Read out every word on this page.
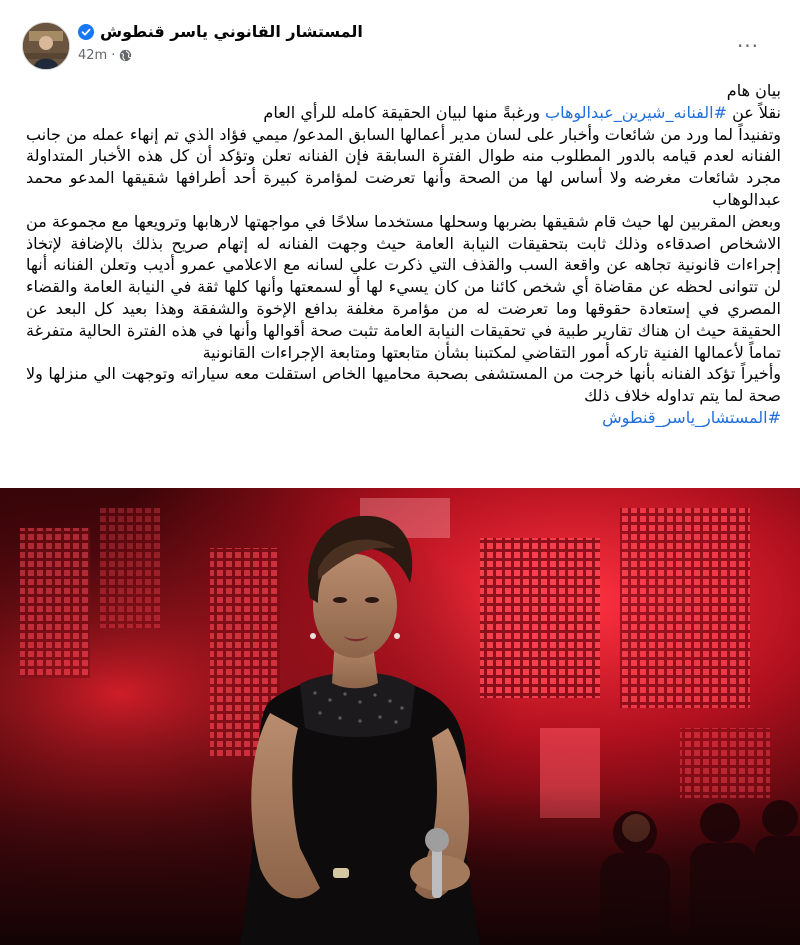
المستشار القانوني ياسر قنطوش
42m ·	···

بيان هام

نقلاً عن #الفنانه_شيرين_عبدالوهاب ورغبةً منها لبيان الحقيقة كامله للرأي العام

وتفنيداً لما ورد من شائعات وأخبار على لسان مدير أعمالها السابق المدعو/ ميمي فؤاد الذي تم إنهاء عمله من جانب الفنانه لعدم قيامه بالدور المطلوب منه طوال الفترة السابقة فإن الفنانه تعلن وتؤكد أن كل هذه الأخبار المتداولة مجرد شائعات مغرضه ولا أساس لها من الصحة وأنها تعرضت لمؤامرة كبيرة أحد أطرافها شقيقها المدعو محمد عبدالوهاب

وبعض المقربين لها حيث قام شقيقها بضربها وسحلها مستخدما سلاحًا في مواجهتها لارهابها وترويعها مع مجموعة من الاشخاص اصدقاءه وذلك ثابت بتحقيقات النيابة العامة حيث وجهت الفنانه له إتهام صريح بذلك بالإضافة لإتخاذ إجراءات قانونية تجاهه عن واقعة السب والقذف التي ذكرت علي لسانه مع الاعلامي عمرو أديب وتعلن الفنانه أنها لن تتوانى لحظه عن مقاضاة أي شخص كائنا من كان يسيء لها أو لسمعتها وأنها كلها ثقة في النيابة العامة والقضاء المصري في إستعادة حقوقها وما تعرضت له من مؤامرة مغلفة بدافع الإخوة والشفقة وهذا بعيد كل البعد عن الحقيقة حيث ان هناك تقارير طبية في تحقيقات النيابة العامة تثبت صحة أقوالها وأنها في هذه الفترة الحالية متفرغة تماماً لأعمالها الفنية تاركه أمور التقاضي لمكتبنا بشأن متابعتها ومتابعة الإجراءات القانونية

وأخيراً تؤكد الفنانه بأنها خرجت من المستشفى بصحبة محاميها الخاص استقلت معه سياراته وتوجهت الي منزلها ولا صحة لما يتم تداوله خلاف ذلك

#المستشار_ياسر_قنطوش
